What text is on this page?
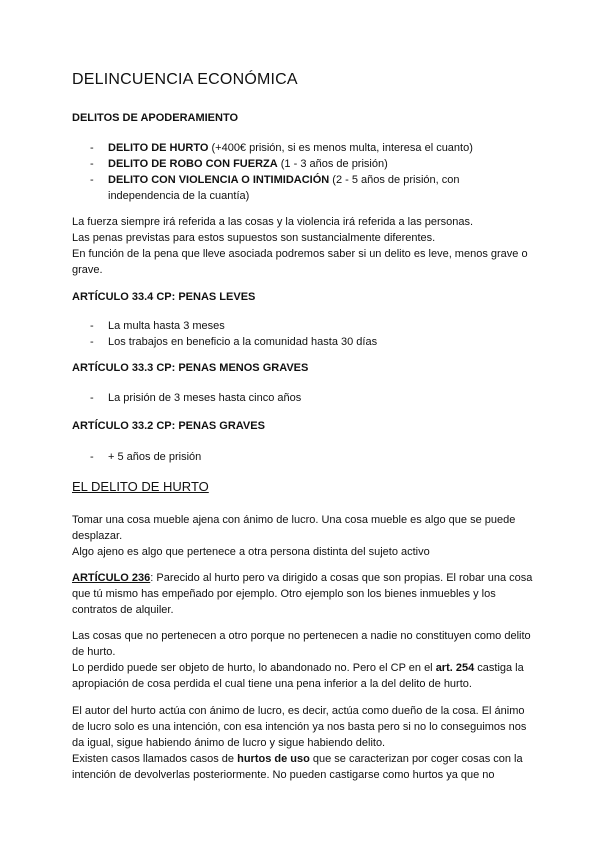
DELINCUENCIA ECONÓMICA
DELITOS DE APODERAMIENTO
- DELITO DE HURTO (+400€ prisión, si es menos multa, interesa el cuanto)
- DELITO DE ROBO CON FUERZA (1 - 3 años de prisión)
- DELITO CON VIOLENCIA O INTIMIDACIÓN (2 - 5 años de prisión, con independencia de la cuantía)

La fuerza siempre irá referida a las cosas y la violencia irá referida a las personas.

Las penas previstas para estos supuestos son sustancialmente diferentes.

En función de la pena que lleve asociada podremos saber si un delito es leve, menos grave o grave.

ARTÍCULO 33.4 CP: PENAS LEVES
- La multa hasta 3 meses
- Los trabajos en beneficio a la comunidad hasta 30 días
ARTÍCULO 33.3 CP: PENAS MENOS GRAVES
- La prisión de 3 meses hasta cinco años
ARTÍCULO 33.2 CP: PENAS GRAVES
- + 5 años de prisión
EL DELITO DE HURTO

Tomar una cosa mueble ajena con ánimo de lucro. Una cosa mueble es algo que se puede desplazar.

Algo ajeno es algo que pertenece a otra persona distinta del sujeto activo

ARTÍCULO 236: Parecido al hurto pero va dirigido a cosas que son propias. El robar una cosa que tú mismo has empeñado por ejemplo. Otro ejemplo son los bienes inmuebles y los contratos de alquiler.

Las cosas que no pertenecen a otro porque no pertenecen a nadie no constituyen como delito de hurto.

Lo perdido puede ser objeto de hurto, lo abandonado no. Pero el CP en el art. 254 castiga la apropiación de cosa perdida el cual tiene una pena inferior a la del delito de hurto.

El autor del hurto actúa con ánimo de lucro, es decir, actúa como dueño de la cosa. El ánimo de lucro solo es una intención, con esa intención ya nos basta pero si no lo conseguimos nos da igual, sigue habiendo ánimo de lucro y sigue habiendo delito.

Existen casos llamados casos de hurtos de uso que se caracterizan por coger cosas con la intención de devolverlas posteriormente. No pueden castigarse como hurtos ya que no
